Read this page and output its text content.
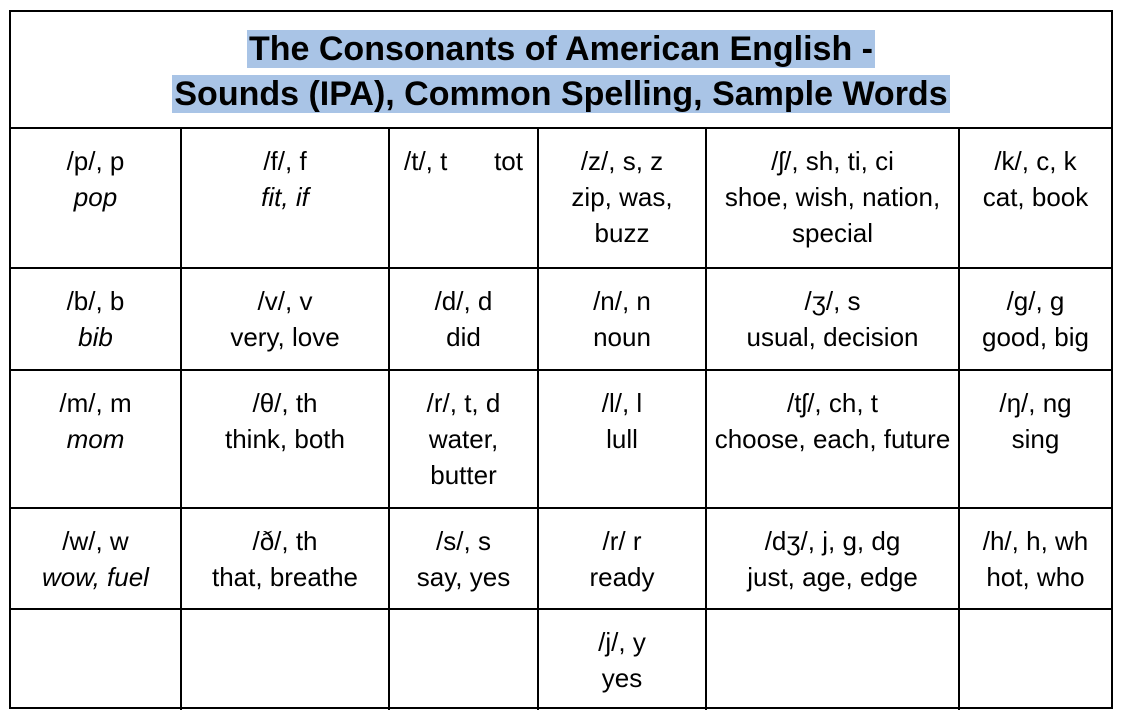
The Consonants of American English -
Sounds (IPA), Common Spelling, Sample Words
/p/, p
pop	/f/, f
fit, if	/t/, t tot	/z/, s, z
zip, was, buzz	/ʃ/, sh, ti, ci
shoe, wish, nation, special	/k/, c, k
cat, book

/b/, b
bib	/v/, v
very, love	/d/, d
did	/n/, n
noun	/ʒ/, s
usual, decision	/g/, g
good, big

/m/, m
mom	/θ/, th
think, both	/r/, t, d
water, butter	/l/, l
lull	/tʃ/, ch, t
choose, each, future	/ŋ/, ng
sing

/w/, w
wow, fuel	/ð/, th
that, breathe	/s/, s
say, yes	/r/ r
ready	/dʒ/, j, g, dg
just, age, edge	/h/, h, wh
hot, who

			/j/, y
yes		
